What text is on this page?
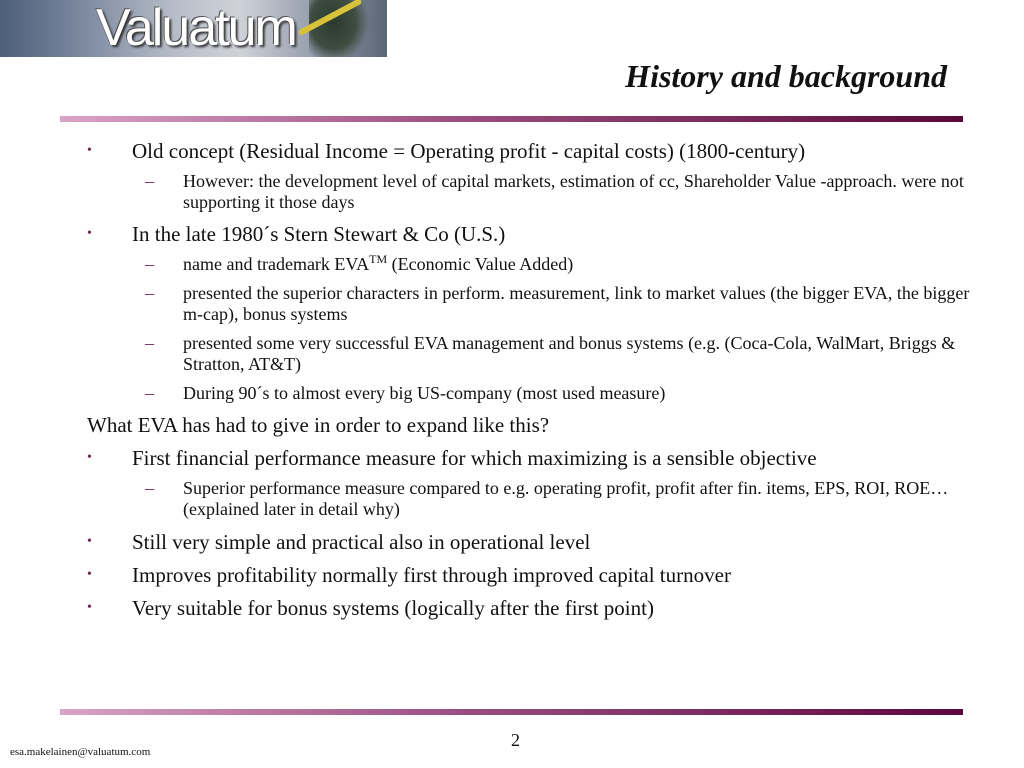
Valuatum
History and background
• Old concept (Residual Income = Operating profit - capital costs) (1800-century)
– However: the development level of capital markets, estimation of cc, Shareholder Value -approach. were not supporting it those days
• In the late 1980´s Stern Stewart & Co (U.S.)
– name and trademark EVA™ (Economic Value Added)
– presented the superior characters in perform. measurement, link to market values (the bigger EVA, the bigger m-cap), bonus systems
– presented some very successful EVA management and bonus systems (e.g. (Coca-Cola, WalMart, Briggs & Stratton, AT&T)
– During 90´s to almost every big US-company (most used measure)
What EVA has had to give in order to expand like this?
• First financial performance measure for which maximizing is a sensible objective
– Superior performance measure compared to e.g. operating profit, profit after fin. items, EPS, ROI, ROE… (explained later in detail why)
• Still very simple and practical also in operational level
• Improves profitability normally first through improved capital turnover
• Very suitable for bonus systems (logically after the first point)
2
esa.makelainen@valuatum.com
